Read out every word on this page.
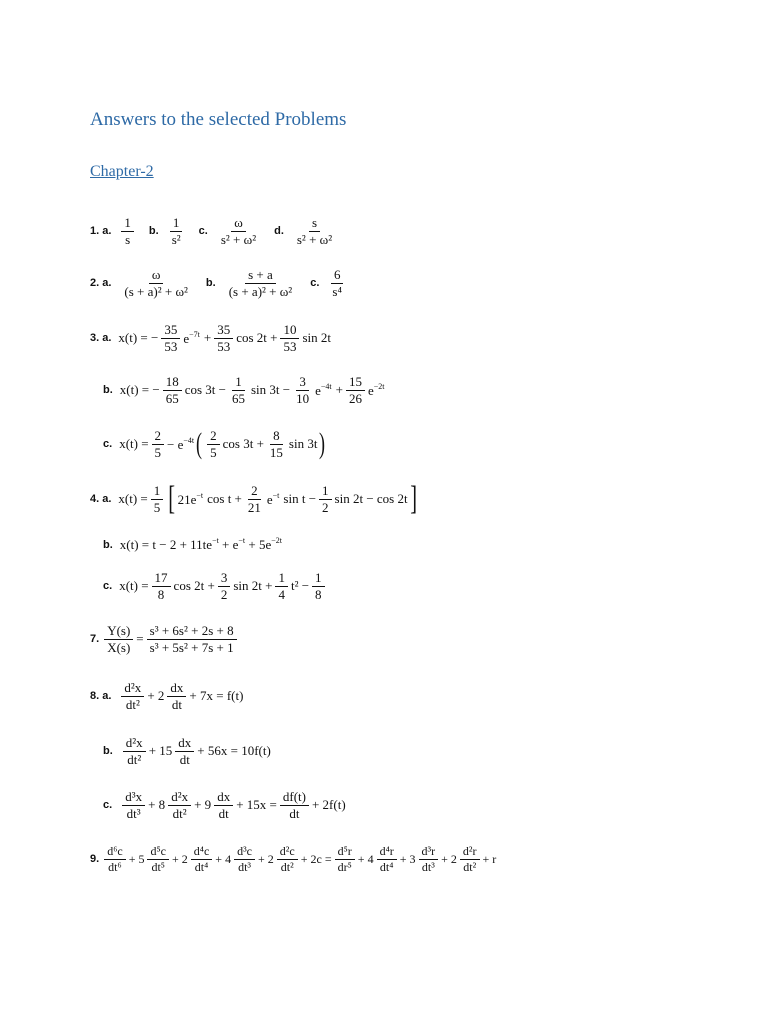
Answers to the selected Problems
Chapter-2
1. a. $\frac{1}{s} b$. $\frac{1}{\text{s²}} c$. $\frac{\omega}{\text{s² + ω²}} d$. $\frac{s}{\text{s² + ω²}}$
2. a. $\frac{\omega}{\text{(s + a)² + ω²}} b$. $\frac{s + a}{\text{(s + a)² + ω²}} c$. $\frac{6}{\text{s⁴}}$
3. a. x(t) = − $\frac{35}{53} e^{-7t} + \frac{35}{53}$ $\cos 2t + \frac{10}{53}$ sin 2t
b. x(t) = − $\frac{18}{65}$ $\cos 3t - \frac{1}{65}$ $\sin 3t - \frac{3}{10} e^{-4t} + \frac{15}{26} e^{-2t}$
c. $x(t) = \frac{2}{5} - e^{-4t}$ ( $\frac{2}{5}$ $\cos 3t + \frac{8}{15}$ sin 3t )
4. a. $x(t) = \frac{1}{5}$ [ $21e^{-t}$ $\cos t + \frac{2}{21} e^{-t}$ $\sin t - \frac{1}{2}$ sin 2t − cos 2t ]
b. $x(t) = t - 2 + 11te^{-t} + e^{-t} + 5e^{-2t}$
c. $x(t) = \frac{17}{8}$ $\cos 2t + \frac{3}{2}$ $\sin 2t + \frac{1}{4} t^2 - \frac{1}{8}$
7. $\frac{Y(s)}{X(s)} = \frac{\text{s³ + 6s² + 2s + 8}}{\text{s³ + 5s² + 7s + 1}}$
8. a. $\frac{\text{d²x}}{\text{dt²}} + 2 \frac{dx}{dt} + 7x = f(t)$
b. $\frac{\text{d²x}}{\text{dt²}} + 15 \frac{dx}{dt} + 56x = 10f(t)$
c. $\frac{\text{d³x}}{\text{dt³}} + 8 \frac{\text{d²x}}{\text{dt²}} + 9 \frac{dx}{dt} + 15x = \frac{df(t)}{dt} + 2f(t)$
9. $\frac{\text{d⁶c}}{\text{dt⁶}} + 5 \frac{\text{d⁵c}}{\text{dt⁵}} + 2 \frac{\text{d⁴c}}{\text{dt⁴}} + 4 \frac{\text{d³c}}{\text{dt³}} + 2 \frac{\text{d²c}}{\text{dt²}} + 2c = \frac{\text{d⁵r}}{\text{dr⁵}} + 4 \frac{\text{d⁴r}}{\text{dt⁴}} + 3 \frac{\text{d³r}}{\text{dt³}} + 2 \frac{\text{d²r}}{\text{dt²}} + r$
